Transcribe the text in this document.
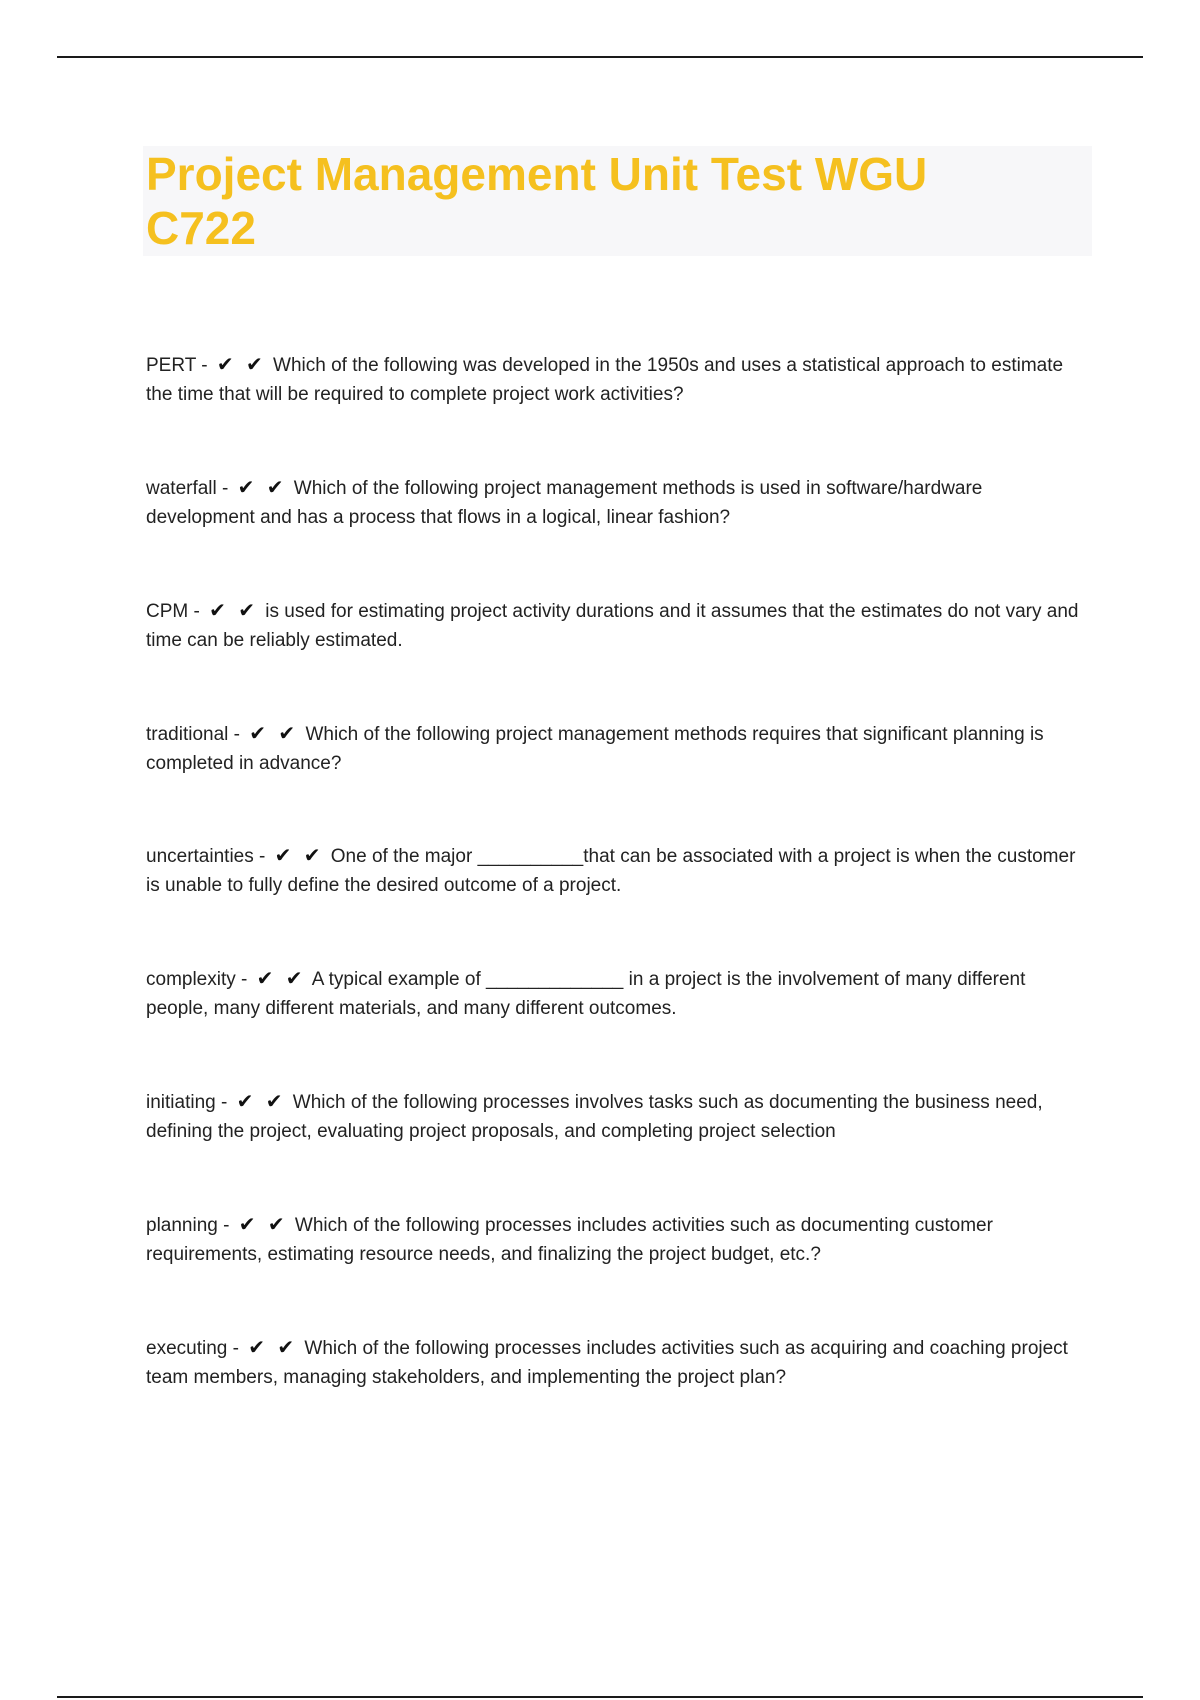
Project Management Unit Test WGU C722
PERT - ✔ ✔ Which of the following was developed in the 1950s and uses a statistical approach to estimate the time that will be required to complete project work activities?
waterfall - ✔ ✔ Which of the following project management methods is used in software/hardware development and has a process that flows in a logical, linear fashion?
CPM - ✔ ✔ is used for estimating project activity durations and it assumes that the estimates do not vary and time can be reliably estimated.
traditional - ✔ ✔ Which of the following project management methods requires that significant planning is completed in advance?
uncertainties - ✔ ✔ One of the major __________that can be associated with a project is when the customer is unable to fully define the desired outcome of a project.
complexity - ✔ ✔ A typical example of _____________ in a project is the involvement of many different people, many different materials, and many different outcomes.
initiating - ✔ ✔ Which of the following processes involves tasks such as documenting the business need, defining the project, evaluating project proposals, and completing project selection
planning - ✔ ✔ Which of the following processes includes activities such as documenting customer requirements, estimating resource needs, and finalizing the project budget, etc.?
executing - ✔ ✔ Which of the following processes includes activities such as acquiring and coaching project team members, managing stakeholders, and implementing the project plan?
